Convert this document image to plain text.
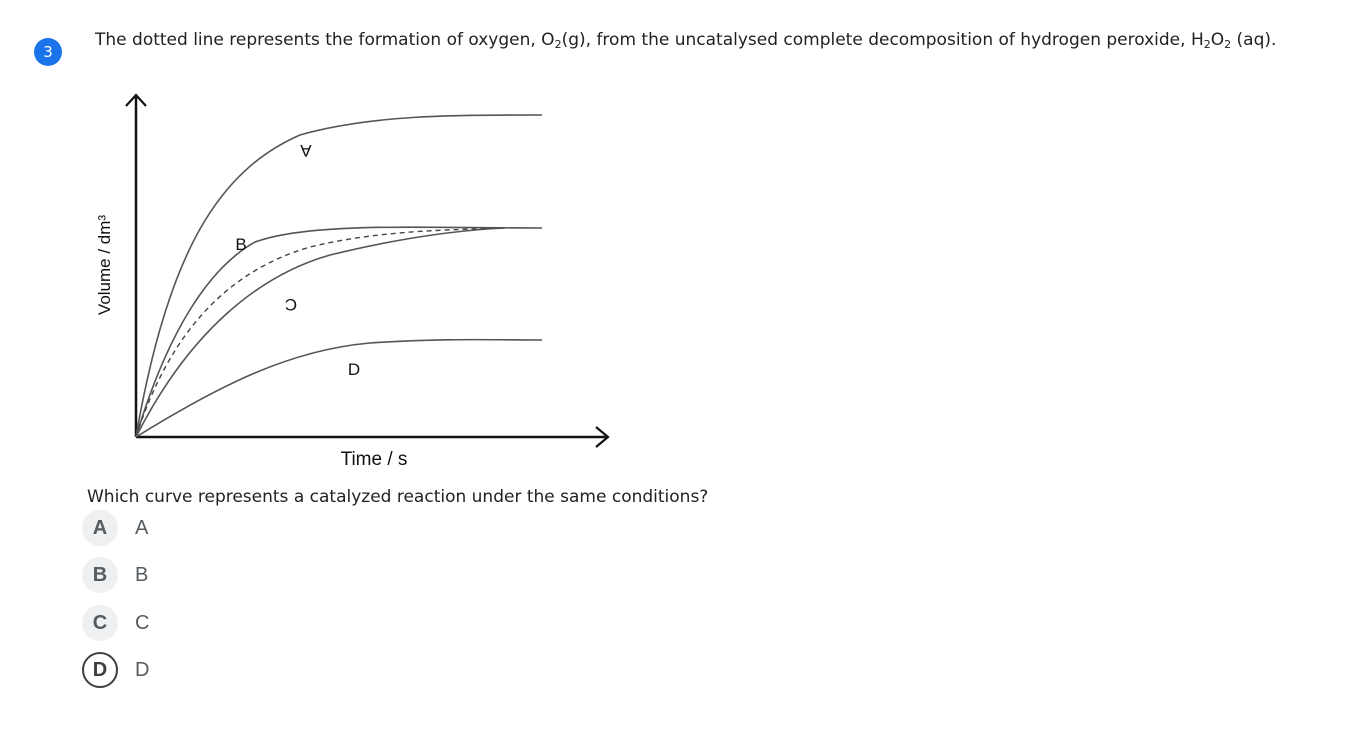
3
The dotted line represents the formation of oxygen, $O_2(g)$, from the uncatalysed complete decomposition of hydrogen peroxide, $H_2O_2$ (aq).
A
B
C
D
Volume / dm³
Time / s
Which curve represents a catalyzed reaction under the same conditions?
A	A
B	B
C	C
D	D
